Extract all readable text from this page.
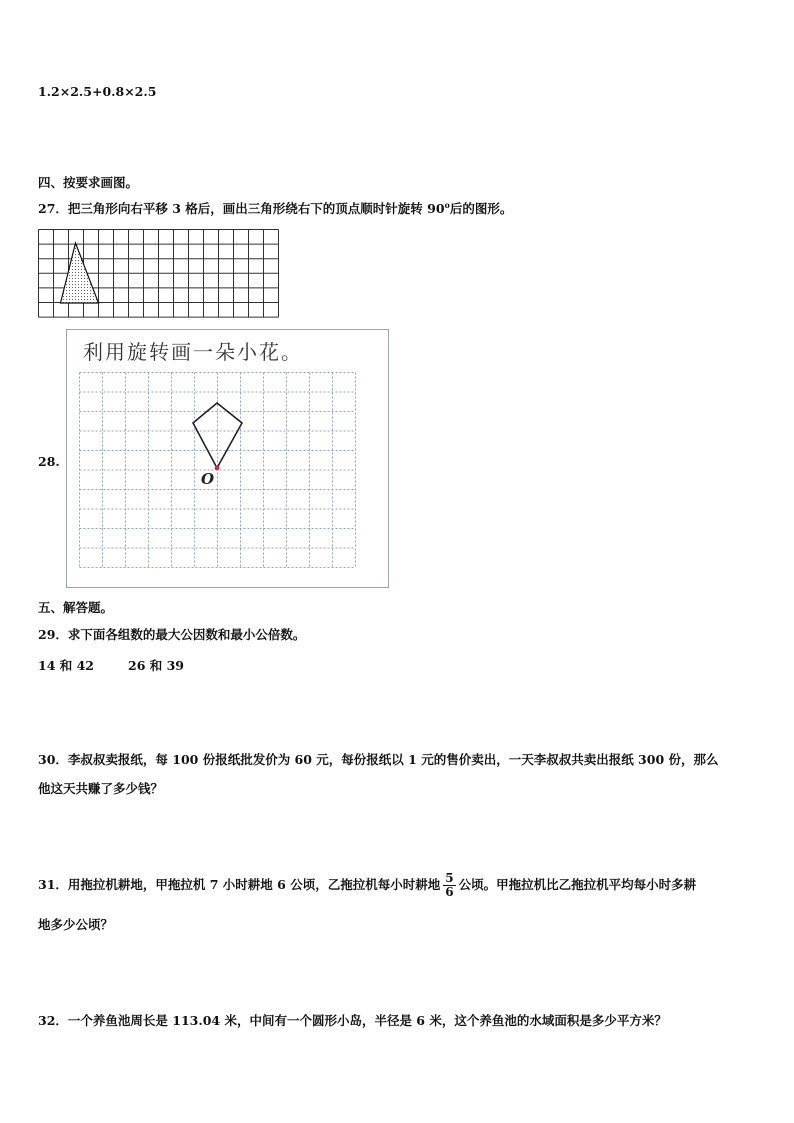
1.2×2.5+0.8×2.5
四、按要求画图。
27．把三角形向右平移 3 格后，画出三角形绕右下的顶点顺时针旋转 90$^o$后的图形。
28.
利用旋转画一朵小花。
O
五、解答题。
29．求下面各组数的最大公因数和最小公倍数。
14 和 42	26 和 39
30．李叔叔卖报纸，每 100 份报纸批发价为 60 元，每份报纸以 1 元的售价卖出，一天李叔叔共卖出报纸 300 份，那么
他这天共赚了多少钱？
31．用拖拉机耕地，甲拖拉机 7 小时耕地 6 公顷，乙拖拉机每小时耕地 $\frac{5}{6}$ 公顷。甲拖拉机比乙拖拉机平均每小时多耕
地多少公顷？
32．一个养鱼池周长是 113.04 米，中间有一个圆形小岛，半径是 6 米，这个养鱼池的水域面积是多少平方米？
